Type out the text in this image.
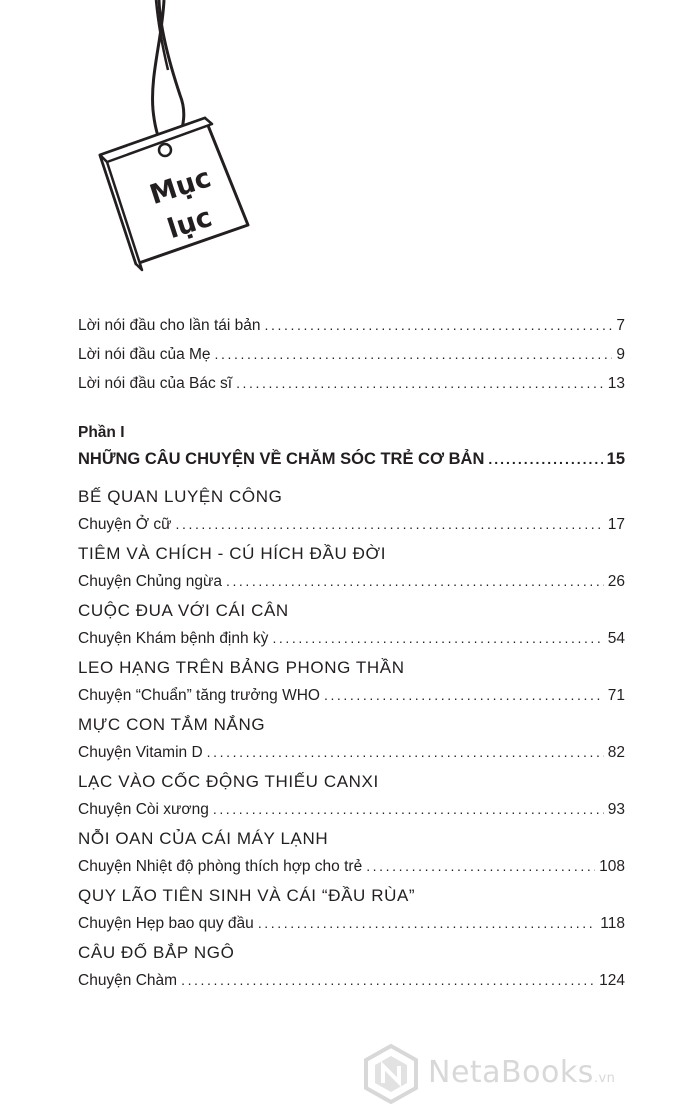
Mục
lục
Lời nói đầu cho lần tái bản .....	7
Lời nói đầu của Mẹ .....	9
Lời nói đầu của Bác sĩ .....	13
Phần I
NHỮNG CÂU CHUYỆN VỀ CHĂM SÓC TRẺ CƠ BẢN .....	15
BẾ QUAN LUYỆN CÔNG
Chuyện Ở cữ .....	17
TIÊM VÀ CHÍCH - CÚ HÍCH ĐẦU ĐỜI
Chuyện Chủng ngừa .....	26
CUỘC ĐUA VỚI CÁI CÂN
Chuyện Khám bệnh định kỳ .....	54
LEO HẠNG TRÊN BẢNG PHONG THẦN
Chuyện “Chuẩn” tăng trưởng WHO .....	71
MỰC CON TẮM NẮNG
Chuyện Vitamin D .....	82
LẠC VÀO CỐC ĐỘNG THIẾU CANXI
Chuyện Còi xương .....	93
NỖI OAN CỦA CÁI MÁY LẠNH
Chuyện Nhiệt độ phòng thích hợp cho trẻ .....	108
QUY LÃO TIÊN SINH VÀ CÁI “ĐẦU RÙA”
Chuyện Hẹp bao quy đầu .....	118
CÂU ĐỐ BẮP NGÔ
Chuyện Chàm .....	124
NetaBooks.vn
